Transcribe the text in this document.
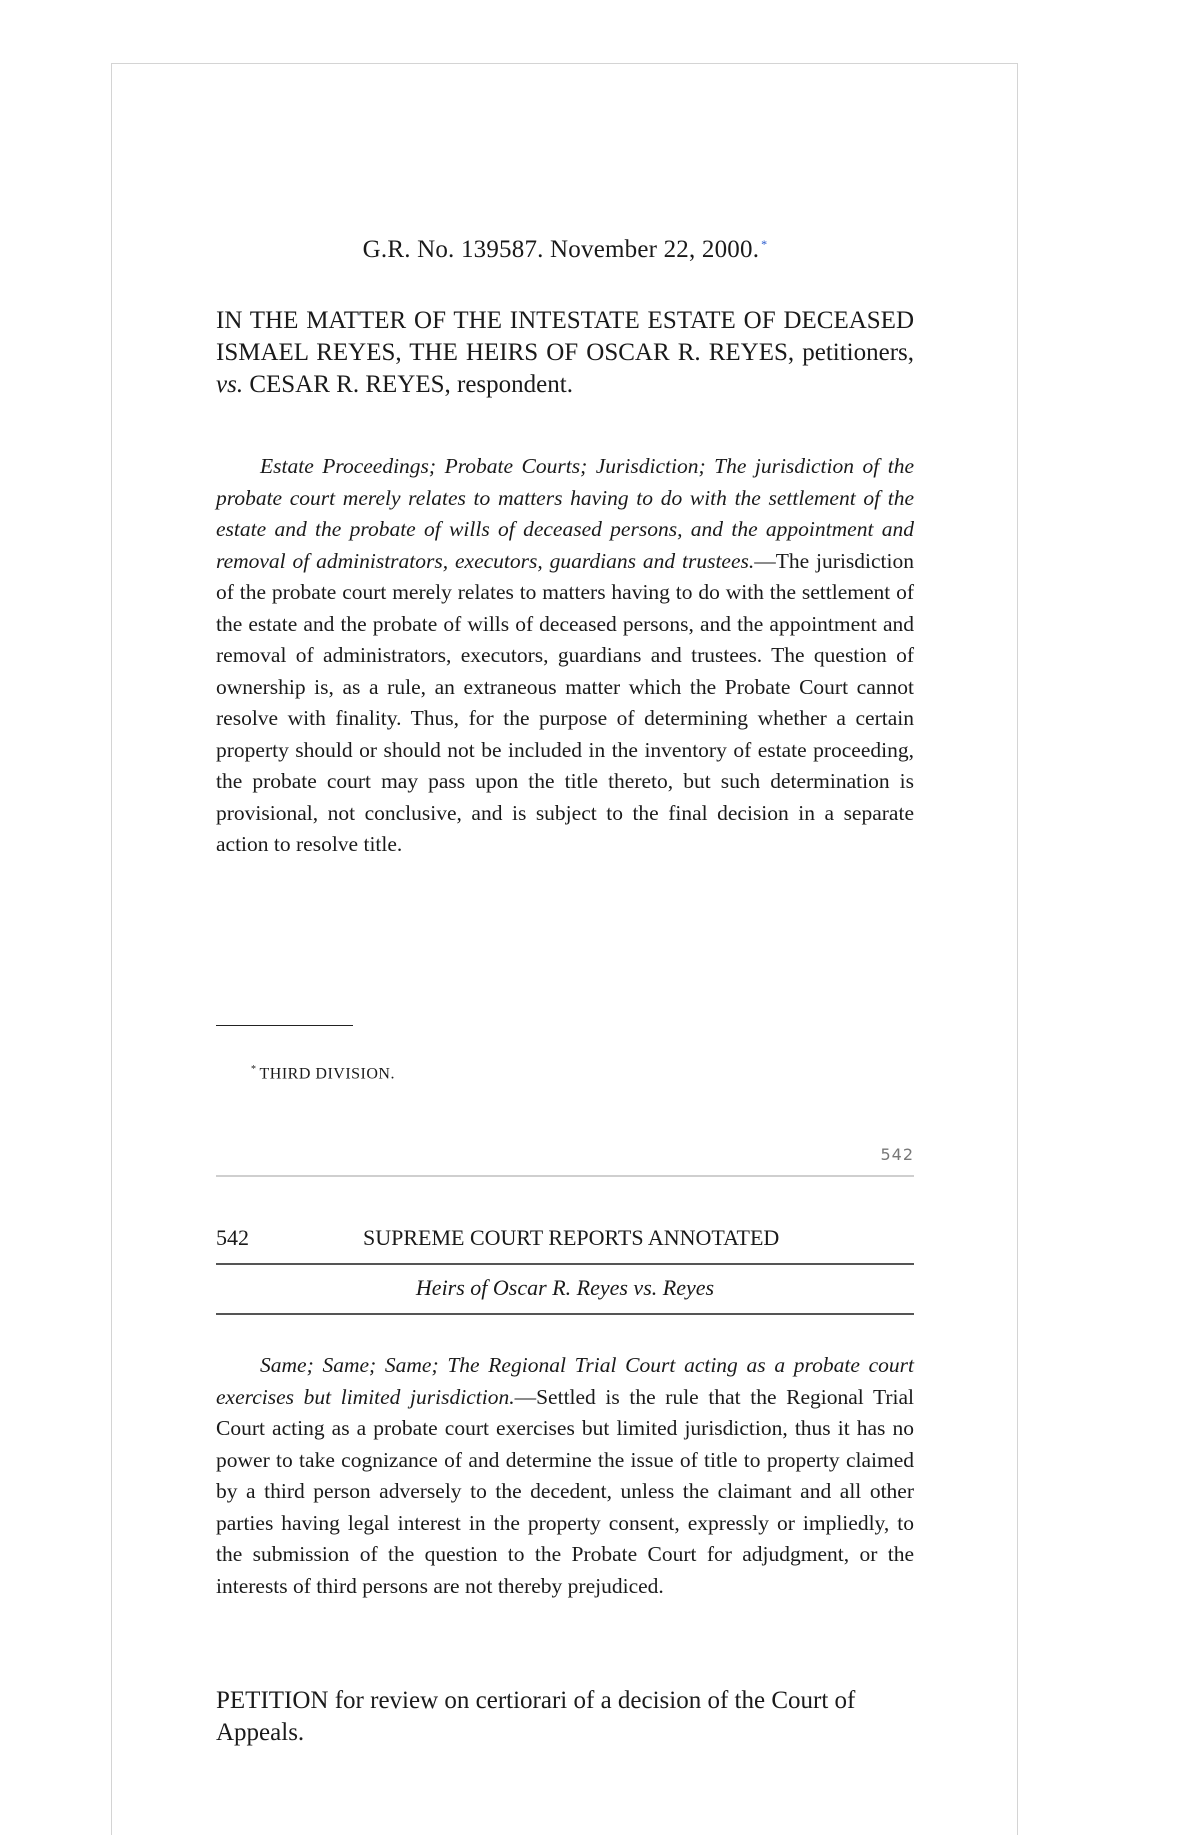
G.R. No. 139587. November 22, 2000. *
IN THE MATTER OF THE INTESTATE ESTATE OF DECEASED ISMAEL REYES, THE HEIRS OF OSCAR R. REYES, petitioners, vs. CESAR R. REYES, respondent.

Estate Proceedings; Probate Courts; Jurisdiction; The jurisdiction of the probate court merely relates to matters having to do with the settlement of the estate and the probate of wills of deceased persons, and the appointment and removal of administrators, executors, guardians and trustees.—The jurisdiction of the probate court merely relates to matters having to do with the settlement of the estate and the probate of wills of deceased persons, and the appointment and removal of administrators, executors, guardians and trustees. The question of ownership is, as a rule, an extraneous matter which the Probate Court cannot resolve with finality. Thus, for the purpose of determining whether a certain property should or should not be included in the inventory of estate proceeding, the probate court may pass upon the title thereto, but such determination is provisional, not conclusive, and is subject to the final decision in a separate action to resolve title.

* THIRD DIVISION.
542
542	SUPREME COURT REPORTS ANNOTATED
Heirs of Oscar R. Reyes vs. Reyes

Same; Same; Same; The Regional Trial Court acting as a probate court exercises but limited jurisdiction.—Settled is the rule that the Regional Trial Court acting as a probate court exercises but limited jurisdiction, thus it has no power to take cognizance of and determine the issue of title to property claimed by a third person adversely to the decedent, unless the claimant and all other parties having legal interest in the property consent, expressly or impliedly, to the submission of the question to the Probate Court for adjudgment, or the interests of third persons are not thereby prejudiced.

PETITION for review on certiorari of a decision of the Court of Appeals.
